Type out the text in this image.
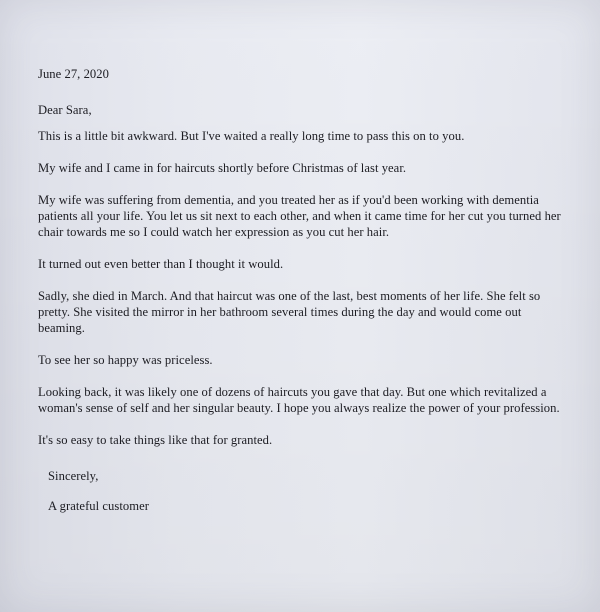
June 27, 2020
Dear Sara,

This is a little bit awkward. But I've waited a really long time to pass this on to you.

My wife and I came in for haircuts shortly before Christmas of last year.

My wife was suffering from dementia, and you treated her as if you'd been working with dementia patients all your life. You let us sit next to each other, and when it came time for her cut you turned her chair towards me so I could watch her expression as you cut her hair.

It turned out even better than I thought it would.

Sadly, she died in March. And that haircut was one of the last, best moments of her life. She felt so pretty. She visited the mirror in her bathroom several times during the day and would come out beaming.

To see her so happy was priceless.

Looking back, it was likely one of dozens of haircuts you gave that day. But one which revitalized a woman's sense of self and her singular beauty. I hope you always realize the power of your profession.

It's so easy to take things like that for granted.

Sincerely,
A grateful customer
